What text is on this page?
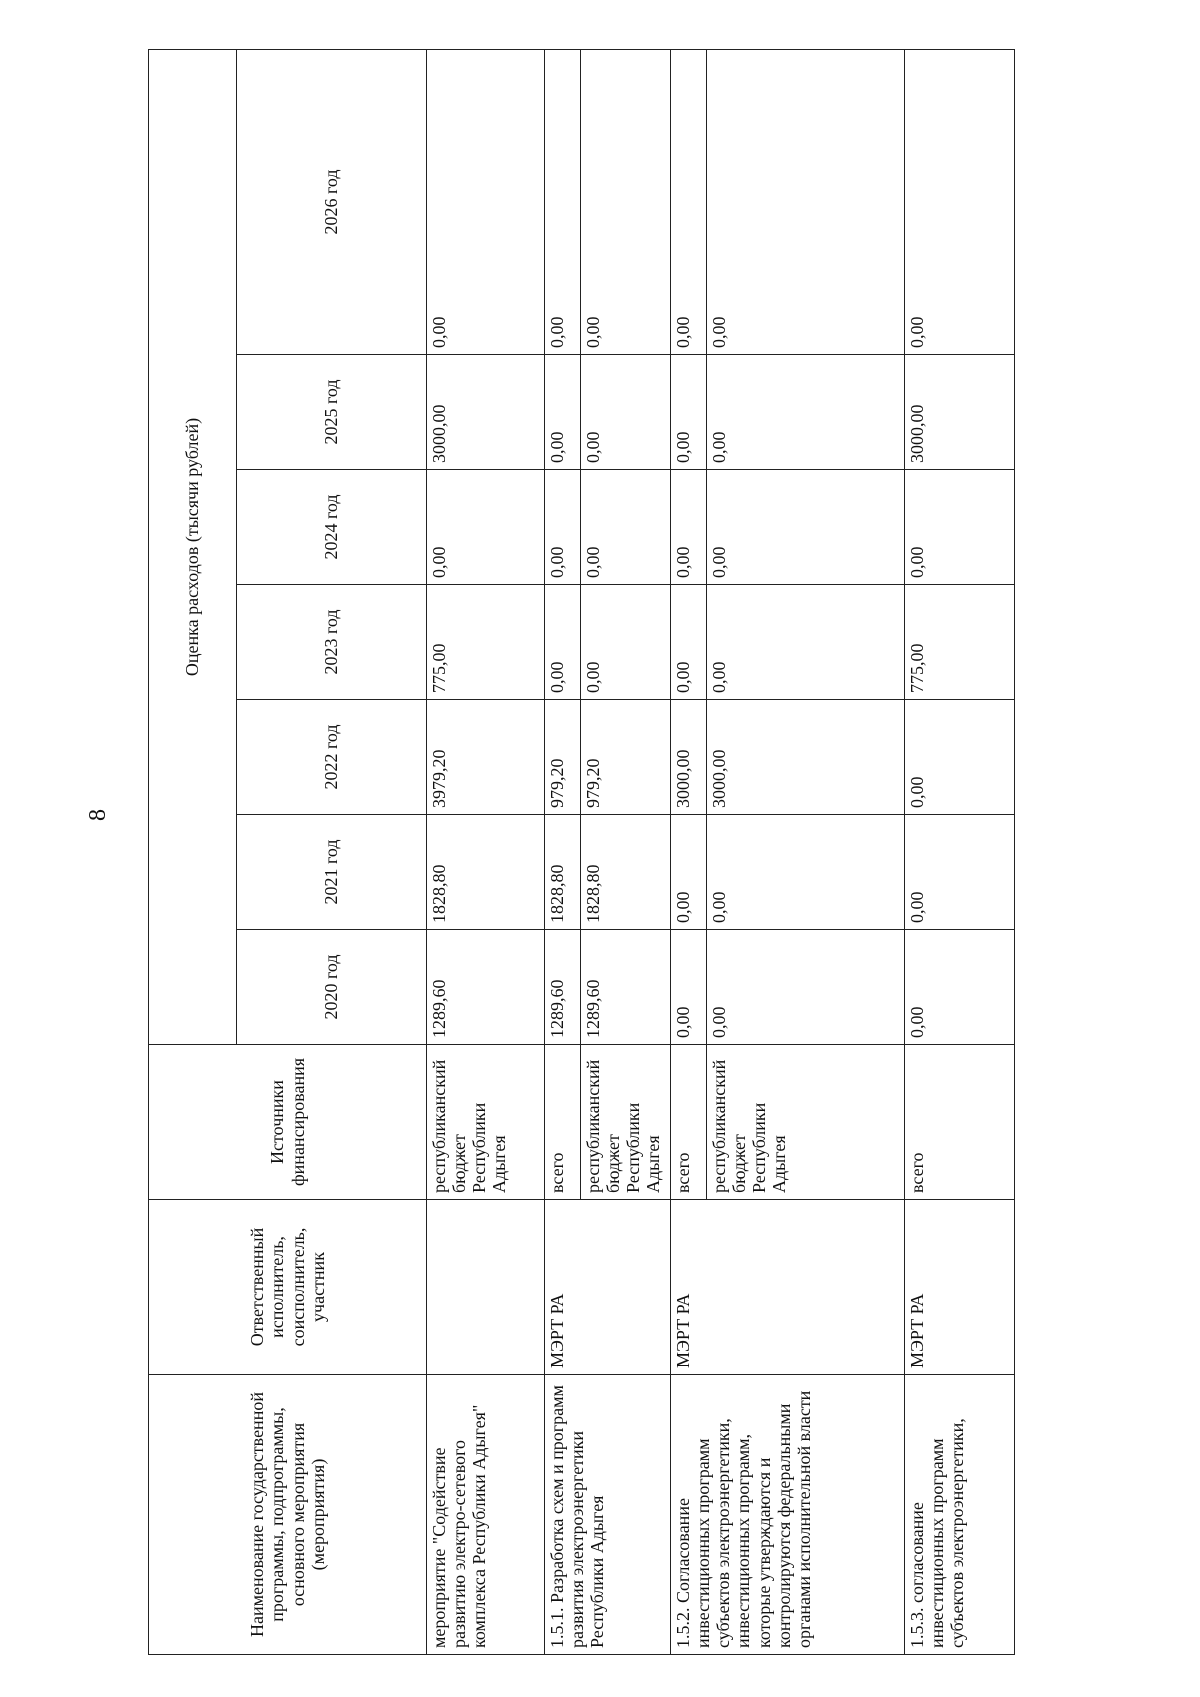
8
Наименование государственной программы, подпрограммы, основного мероприятия (мероприятия)	Ответственный исполнитель, соисполнитель, участник	Источники финансирования	Оценка расходов (тысячи рублей)						
			2020 год	2021 год	2022 год	2023 год	2024 год	2025 год	2026 год
мероприятие "Содействие развитию электро-сетевого комплекса Республики Адыгея"		республиканский бюджет Республики Адыгея	1289,60	1828,80	3979,20	775,00	0,00	3000,00	0,00
1.5.1. Разработка схем и программ развития электроэнергетики Республики Адыгея	МЭРТ РА	всего	1289,60	1828,80	979,20	0,00	0,00	0,00	0,00
		республиканский бюджет Республики Адыгея	1289,60	1828,80	979,20	0,00	0,00	0,00	0,00
1.5.2. Согласование инвестиционных программ субъектов электроэнергетики, инвестиционных программ, которые утверждаются и контролируются федеральными органами исполнительной власти	МЭРТ РА	всего	0,00	0,00	3000,00	0,00	0,00	0,00	0,00
		республиканский бюджет Республики Адыгея	0,00	0,00	3000,00	0,00	0,00	0,00	0,00
1.5.3. согласование инвестиционных программ субъектов электроэнергетики,	МЭРТ РА	всего	0,00	0,00	0,00	775,00	0,00	3000,00	0,00
